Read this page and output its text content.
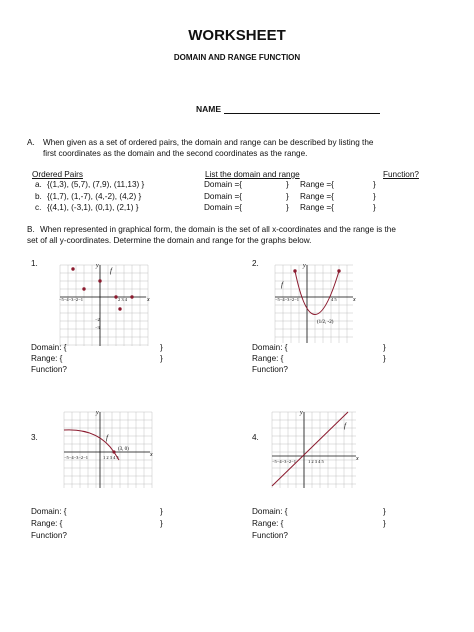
WORKSHEET
DOMAIN AND RANGE FUNCTION
NAME
A. When given as a set of ordered pairs, the domain and range can be described by listing the
first coordinates as the domain and the second coordinates as the range.
Ordered Pairs	List the domain and range	Function?
a. {(1,3), (5,7), (7,9), (11,13) }	Domain ={	} Range ={	}
b. {(1,7), (1,-7), (4,-2), (4,2) }	Domain ={	} Range ={	}
c. {(4,1), (-3,1), (0,1), (2,1) }	Domain ={	} Range ={	}
B. When represented in graphical form, the domain is the set of all x-coordinates and the range is the
set of all y-coordinates. Determine the domain and range for the graphs below.
1.	2.
3.	4.
x
y
−5−4−3−2−1	2 3 4
−2
−3
f
x
y
−5−4−3−2−1	4 5
f
(1/2, -2)
x
y
−5−4−3−2−1	1 2 3 4 5
f
(3, 0)
x
y
−5−4−3−2−1	1 2 3 4 5
f
Domain: {	}
Range: {	}
Function?
Domain: {	}
Range: {	}
Function?
Domain: {	}
Range: {	}
Function?
Domain: {	}
Range: {	}
Function?
